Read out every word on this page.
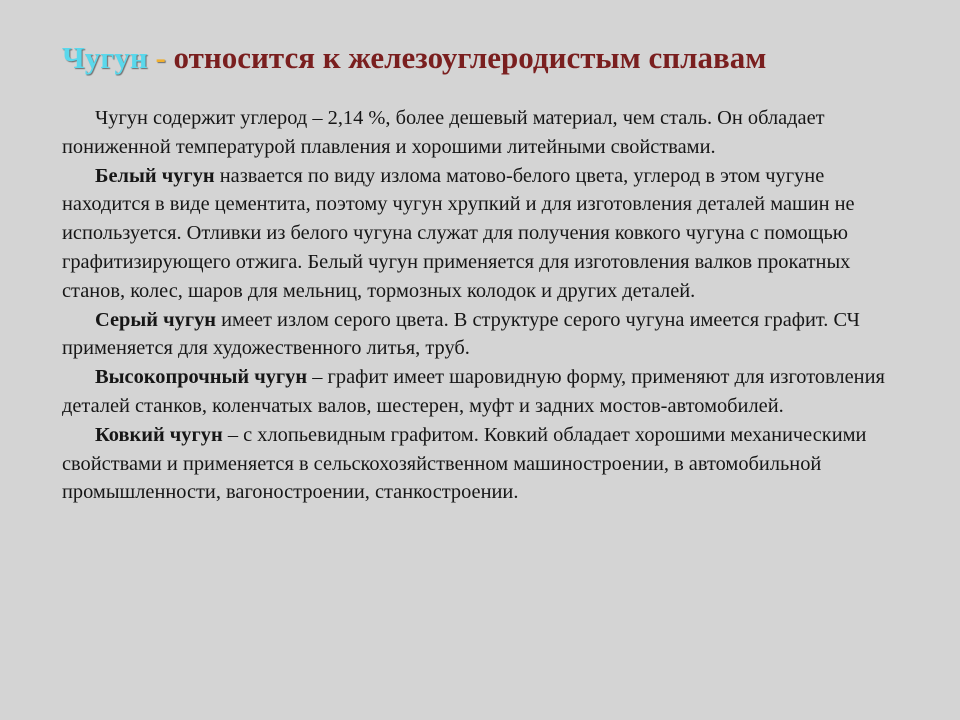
Чугун - относится к железоуглеродистым сплавам

Чугун содержит углерод – 2,14 %, более дешевый материал, чем сталь. Он обладает пониженной температурой плавления и хорошими литейными свойствами.

Белый чугун назвается по виду излома матово-белого цвета, углерод в этом чугуне находится в виде цементита, поэтому чугун хрупкий и для изготовления деталей машин не используется. Отливки из белого чугуна служат для получения ковкого чугуна с помощью графитизирующего отжига. Белый чугун применяется для изготовления валков прокатных станов, колес, шаров для мельниц, тормозных колодок и других деталей.

Серый чугун имеет излом серого цвета. В структуре серого чугуна имеется графит. СЧ применяется для художественного литья, труб.

Высокопрочный чугун – графит имеет шаровидную форму, применяют для изготовления деталей станков, коленчатых валов, шестерен, муфт и задних мостов-автомобилей.

Ковкий чугун – с хлопьевидным графитом. Ковкий обладает хорошими механическими свойствами и применяется в сельскохозяйственном машиностроении, в автомобильной промышленности, вагоностроении, станкостроении.
